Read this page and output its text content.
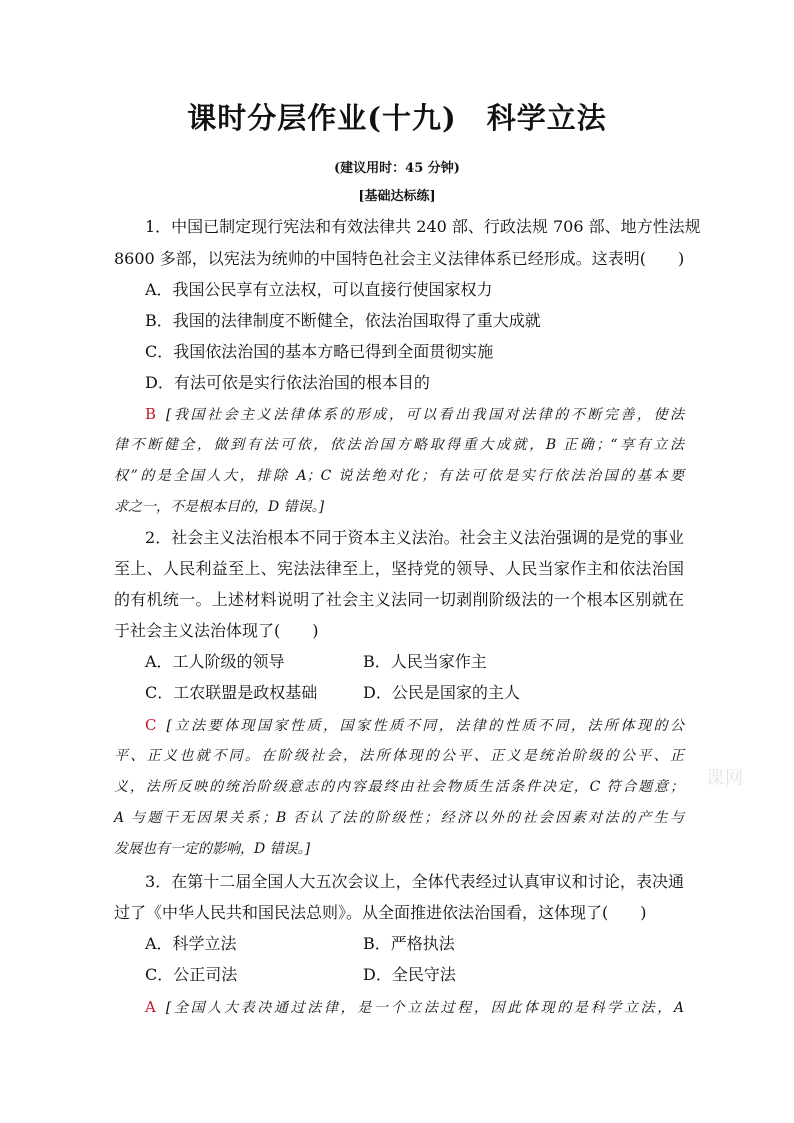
课时分层作业(十九) 科学立法
(建议用时：45 分钟)
[基础达标练]
1．中国已制定现行宪法和有效法律共 240 部、行政法规 706 部、地方性法规
8600 多部，以宪法为统帅的中国特色社会主义法律体系已经形成。这表明(　　)
A．我国公民享有立法权，可以直接行使国家权力
B．我国的法律制度不断健全，依法治国取得了重大成就
C．我国依法治国的基本方略已得到全面贯彻实施
D．有法可依是实行依法治国的根本目的
B [我国社会主义法律体系的形成，可以看出我国对法律的不断完善，使法
律不断健全，做到有法可依，依法治国方略取得重大成就，B 正确；“享有立法
权”的是全国人大，排除 A；C 说法绝对化；有法可依是实行依法治国的基本要
求之一，不是根本目的，D 错误。]
2．社会主义法治根本不同于资本主义法治。社会主义法治强调的是党的事业
至上、人民利益至上、宪法法律至上，坚持党的领导、人民当家作主和依法治国
的有机统一。上述材料说明了社会主义法同一切剥削阶级法的一个根本区别就在
于社会主义法治体现了(　　)
A．工人阶级的领导	B．人民当家作主
C．工农联盟是政权基础	D．公民是国家的主人
C [立法要体现国家性质，国家性质不同，法律的性质不同，法所体现的公
平、正义也就不同。在阶级社会，法所体现的公平、正义是统治阶级的公平、正
义，法所反映的统治阶级意志的内容最终由社会物质生活条件决定，C 符合题意；
A 与题干无因果关系；B 否认了法的阶级性；经济以外的社会因素对法的产生与
发展也有一定的影响，D 错误。]
课网
3．在第十二届全国人大五次会议上，全体代表经过认真审议和讨论，表决通
过了《中华人民共和国民法总则》。从全面推进依法治国看，这体现了(　　)
A．科学立法	B．严格执法
C．公正司法	D．全民守法
A [全国人大表决通过法律，是一个立法过程，因此体现的是科学立法，A
